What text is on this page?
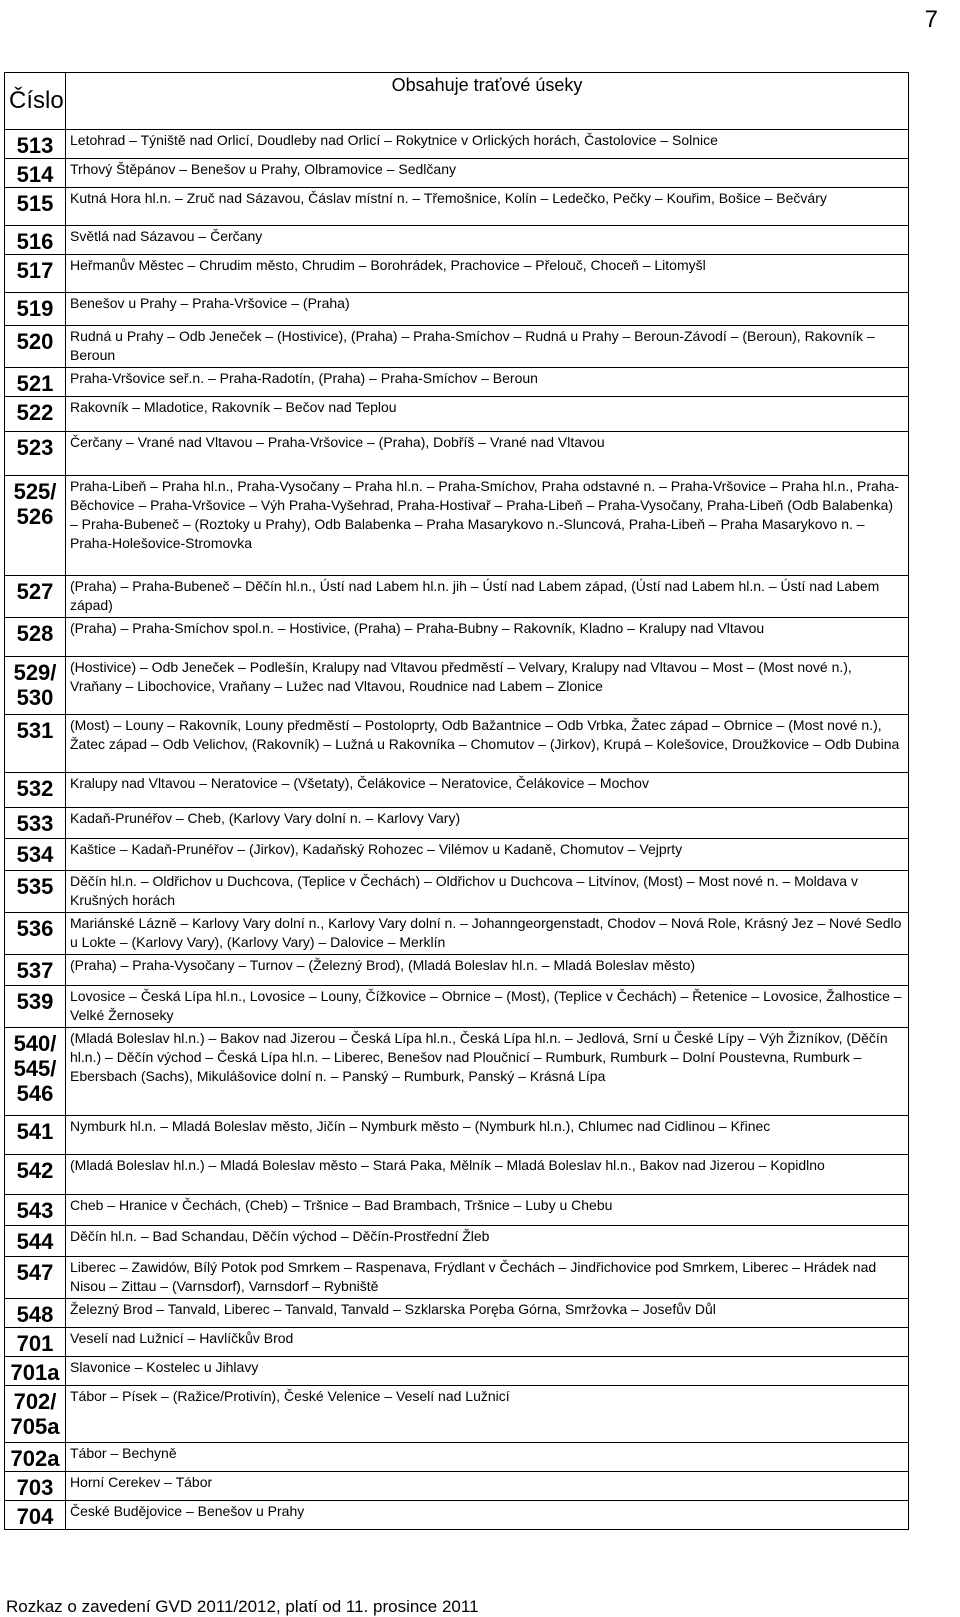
7
Číslo	Obsahuje traťové úseky
513	Letohrad – Týniště nad Orlicí, Doudleby nad Orlicí – Rokytnice v Orlických horách, Častolovice – Solnice
514	Trhový Štěpánov – Benešov u Prahy, Olbramovice – Sedlčany
515	Kutná Hora hl.n. – Zruč nad Sázavou, Čáslav místní n. – Třemošnice, Kolín – Ledečko, Pečky – Kouřim, Bošice – Bečváry
516	Světlá nad Sázavou – Čerčany
517	Heřmanův Městec – Chrudim město, Chrudim – Borohrádek, Prachovice – Přelouč, Choceň – Litomyšl
519	Benešov u Prahy – Praha-Vršovice – (Praha)
520	Rudná u Prahy – Odb Jeneček – (Hostivice), (Praha) – Praha-Smíchov – Rudná u Prahy – Beroun-Závodí – (Beroun), Rakovník – Beroun
521	Praha-Vršovice seř.n. – Praha-Radotín, (Praha) – Praha-Smíchov – Beroun
522	Rakovník – Mladotice, Rakovník – Bečov nad Teplou
523	Čerčany – Vrané nad Vltavou – Praha-Vršovice – (Praha), Dobříš – Vrané nad Vltavou
525/ 526	Praha-Libeň – Praha hl.n., Praha-Vysočany – Praha hl.n. – Praha-Smíchov, Praha odstavné n. – Praha-Vršovice – Praha hl.n., Praha-Běchovice – Praha-Vršovice – Výh Praha-Vyšehrad, Praha-Hostivař – Praha-Libeň – Praha-Vysočany, Praha-Libeň (Odb Balabenka) – Praha-Bubeneč – (Roztoky u Prahy), Odb Balabenka – Praha Masarykovo n.-Sluncová, Praha-Libeň – Praha Masarykovo n. – Praha-Holešovice-Stromovka
527	(Praha) – Praha-Bubeneč – Děčín hl.n., Ústí nad Labem hl.n. jih – Ústí nad Labem západ, (Ústí nad Labem hl.n. – Ústí nad Labem západ)
528	(Praha) – Praha-Smíchov spol.n. – Hostivice, (Praha) – Praha-Bubny – Rakovník, Kladno – Kralupy nad Vltavou
529/ 530	(Hostivice) – Odb Jeneček – Podlešín, Kralupy nad Vltavou předměstí – Velvary, Kralupy nad Vltavou – Most – (Most nové n.), Vraňany – Libochovice, Vraňany – Lužec nad Vltavou, Roudnice nad Labem – Zlonice
531	(Most) – Louny – Rakovník, Louny předměstí – Postoloprty, Odb Bažantnice – Odb Vrbka, Žatec západ – Obrnice – (Most nové n.), Žatec západ – Odb Velichov, (Rakovník) – Lužná u Rakovníka – Chomutov – (Jirkov), Krupá – Kolešovice, Droužkovice – Odb Dubina
532	Kralupy nad Vltavou – Neratovice – (Všetaty), Čelákovice – Neratovice, Čelákovice – Mochov
533	Kadaň-Prunéřov – Cheb, (Karlovy Vary dolní n. – Karlovy Vary)
534	Kaštice – Kadaň-Prunéřov – (Jirkov), Kadaňský Rohozec – Vilémov u Kadaně, Chomutov – Vejprty
535	Děčín hl.n. – Oldřichov u Duchcova, (Teplice v Čechách) – Oldřichov u Duchcova – Litvínov, (Most) – Most nové n. – Moldava v Krušných horách
536	Mariánské Lázně – Karlovy Vary dolní n., Karlovy Vary dolní n. – Johanngeorgenstadt, Chodov – Nová Role, Krásný Jez – Nové Sedlo u Lokte – (Karlovy Vary), (Karlovy Vary) – Dalovice – Merklín
537	(Praha) – Praha-Vysočany – Turnov – (Železný Brod), (Mladá Boleslav hl.n. – Mladá Boleslav město)
539	Lovosice – Česká Lípa hl.n., Lovosice – Louny, Čížkovice – Obrnice – (Most), (Teplice v Čechách) – Řetenice – Lovosice, Žalhostice – Velké Žernoseky
540/ 545/ 546	(Mladá Boleslav hl.n.) – Bakov nad Jizerou – Česká Lípa hl.n., Česká Lípa hl.n. – Jedlová, Srní u České Lípy – Výh Žizníkov, (Děčín hl.n.) – Děčín východ – Česká Lípa hl.n. – Liberec, Benešov nad Ploučnicí – Rumburk, Rumburk – Dolní Poustevna, Rumburk – Ebersbach (Sachs), Mikulášovice dolní n. – Panský – Rumburk, Panský – Krásná Lípa
541	Nymburk hl.n. – Mladá Boleslav město, Jičín – Nymburk město – (Nymburk hl.n.), Chlumec nad Cidlinou – Křinec
542	(Mladá Boleslav hl.n.) – Mladá Boleslav město – Stará Paka, Mělník – Mladá Boleslav hl.n., Bakov nad Jizerou – Kopidlno
543	Cheb – Hranice v Čechách, (Cheb) – Tršnice – Bad Brambach, Tršnice – Luby u Chebu
544	Děčín hl.n. – Bad Schandau, Děčín východ – Děčín-Prostřední Žleb
547	Liberec – Zawidów, Bílý Potok pod Smrkem – Raspenava, Frýdlant v Čechách – Jindřichovice pod Smrkem, Liberec – Hrádek nad Nisou – Zittau – (Varnsdorf), Varnsdorf – Rybniště
548	Železný Brod – Tanvald, Liberec – Tanvald, Tanvald – Szklarska Poręba Górna, Smržovka – Josefův Důl
701	Veselí nad Lužnicí – Havlíčkův Brod
701a	Slavonice – Kostelec u Jihlavy
702/ 705a	Tábor – Písek – (Ražice/Protivín), České Velenice – Veselí nad Lužnicí
702a	Tábor – Bechyně
703	Horní Cerekev – Tábor
704	České Budějovice – Benešov u Prahy
Rozkaz o zavedení GVD 2011/2012, platí od 11. prosince 2011
